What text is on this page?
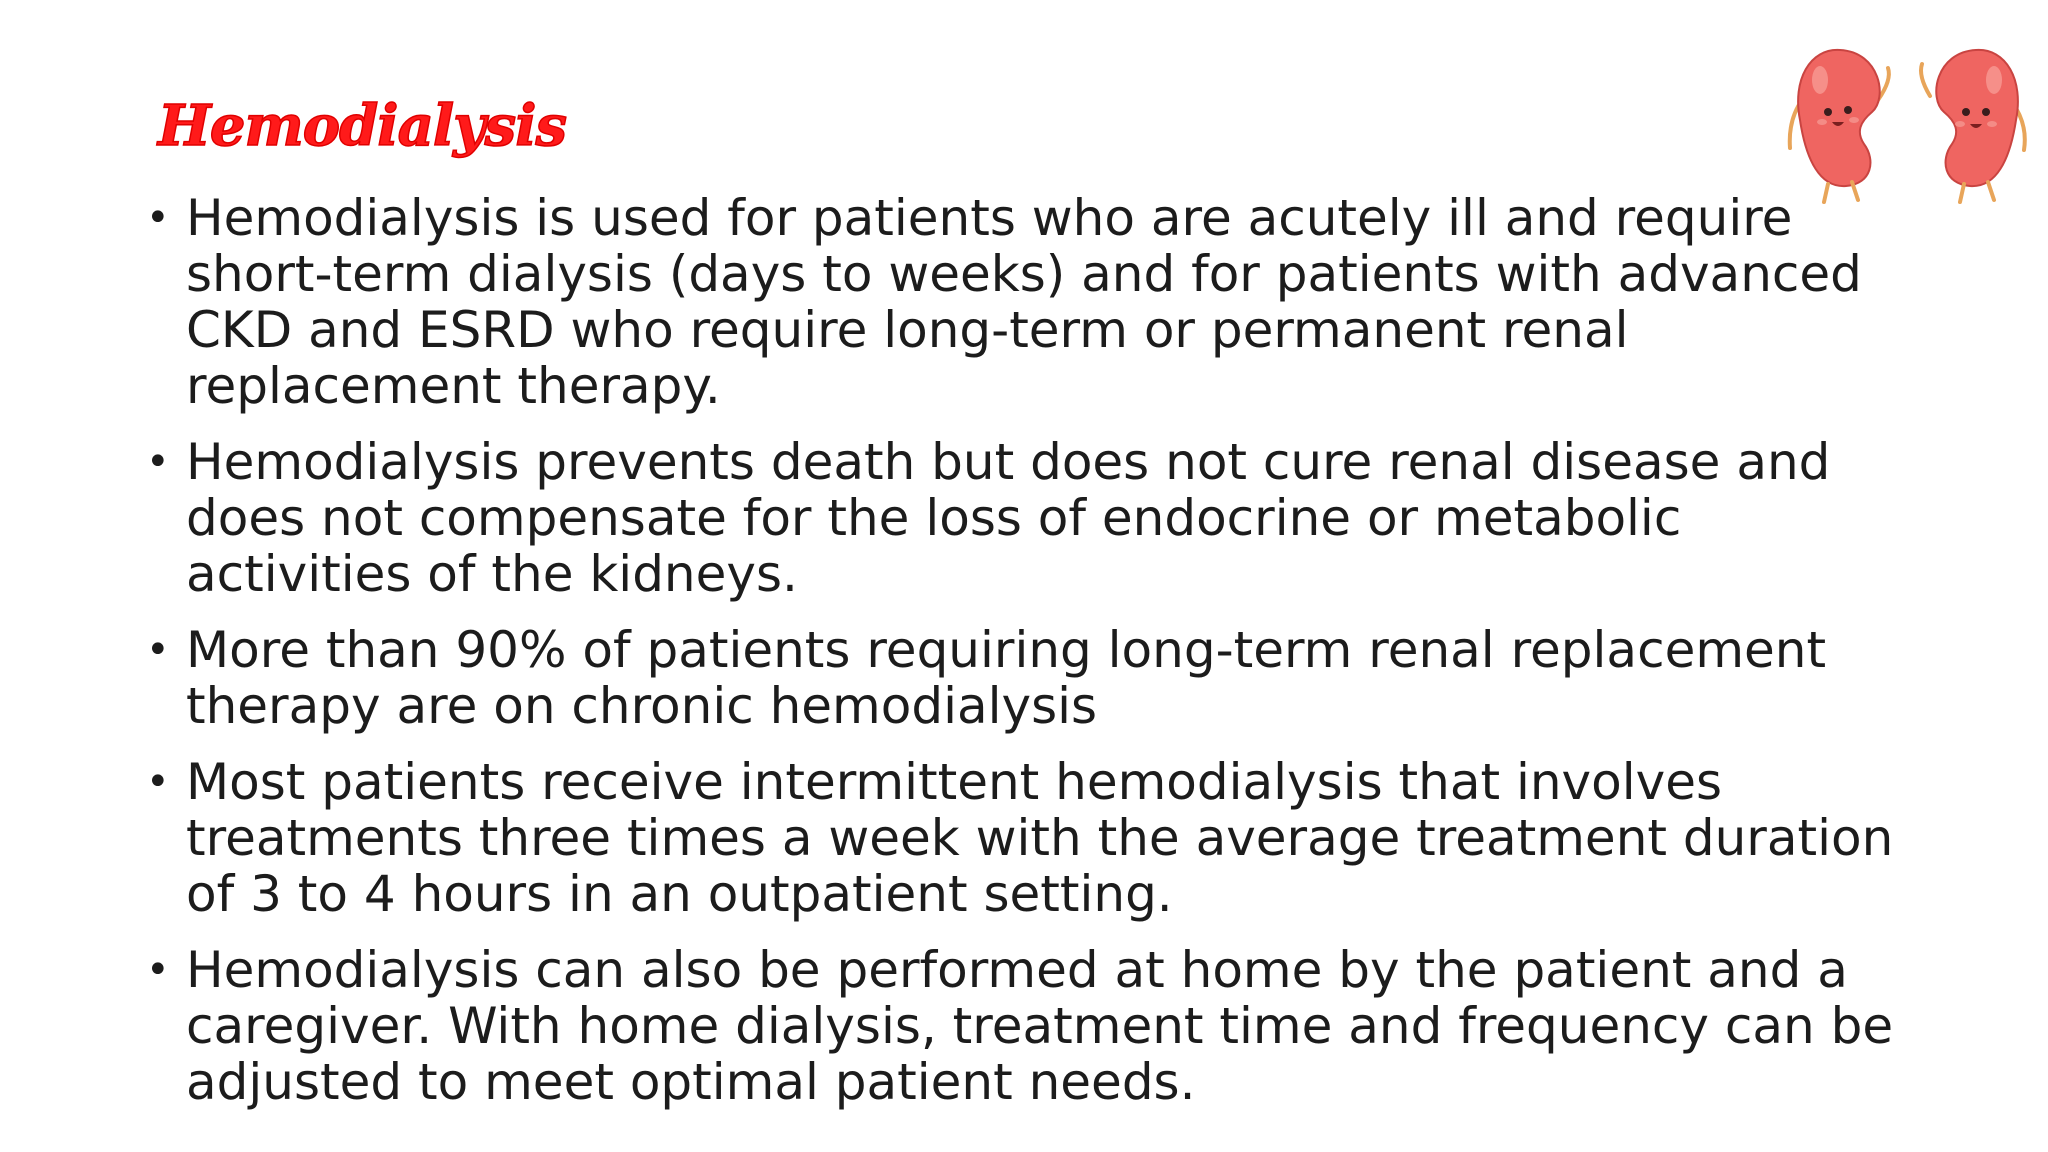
Hemodialysis
• Hemodialysis is used for patients who are acutely ill and require short-term dialysis (days to weeks) and for patients with advanced CKD and ESRD who require long-term or permanent renal replacement therapy.
• Hemodialysis prevents death but does not cure renal disease and does not compensate for the loss of endocrine or metabolic activities of the kidneys.
• More than 90% of patients requiring long-term renal replacement therapy are on chronic hemodialysis
• Most patients receive intermittent hemodialysis that involves treatments three times a week with the average treatment duration of 3 to 4 hours in an outpatient setting.
• Hemodialysis can also be performed at home by the patient and a caregiver. With home dialysis, treatment time and frequency can be adjusted to meet optimal patient needs.
